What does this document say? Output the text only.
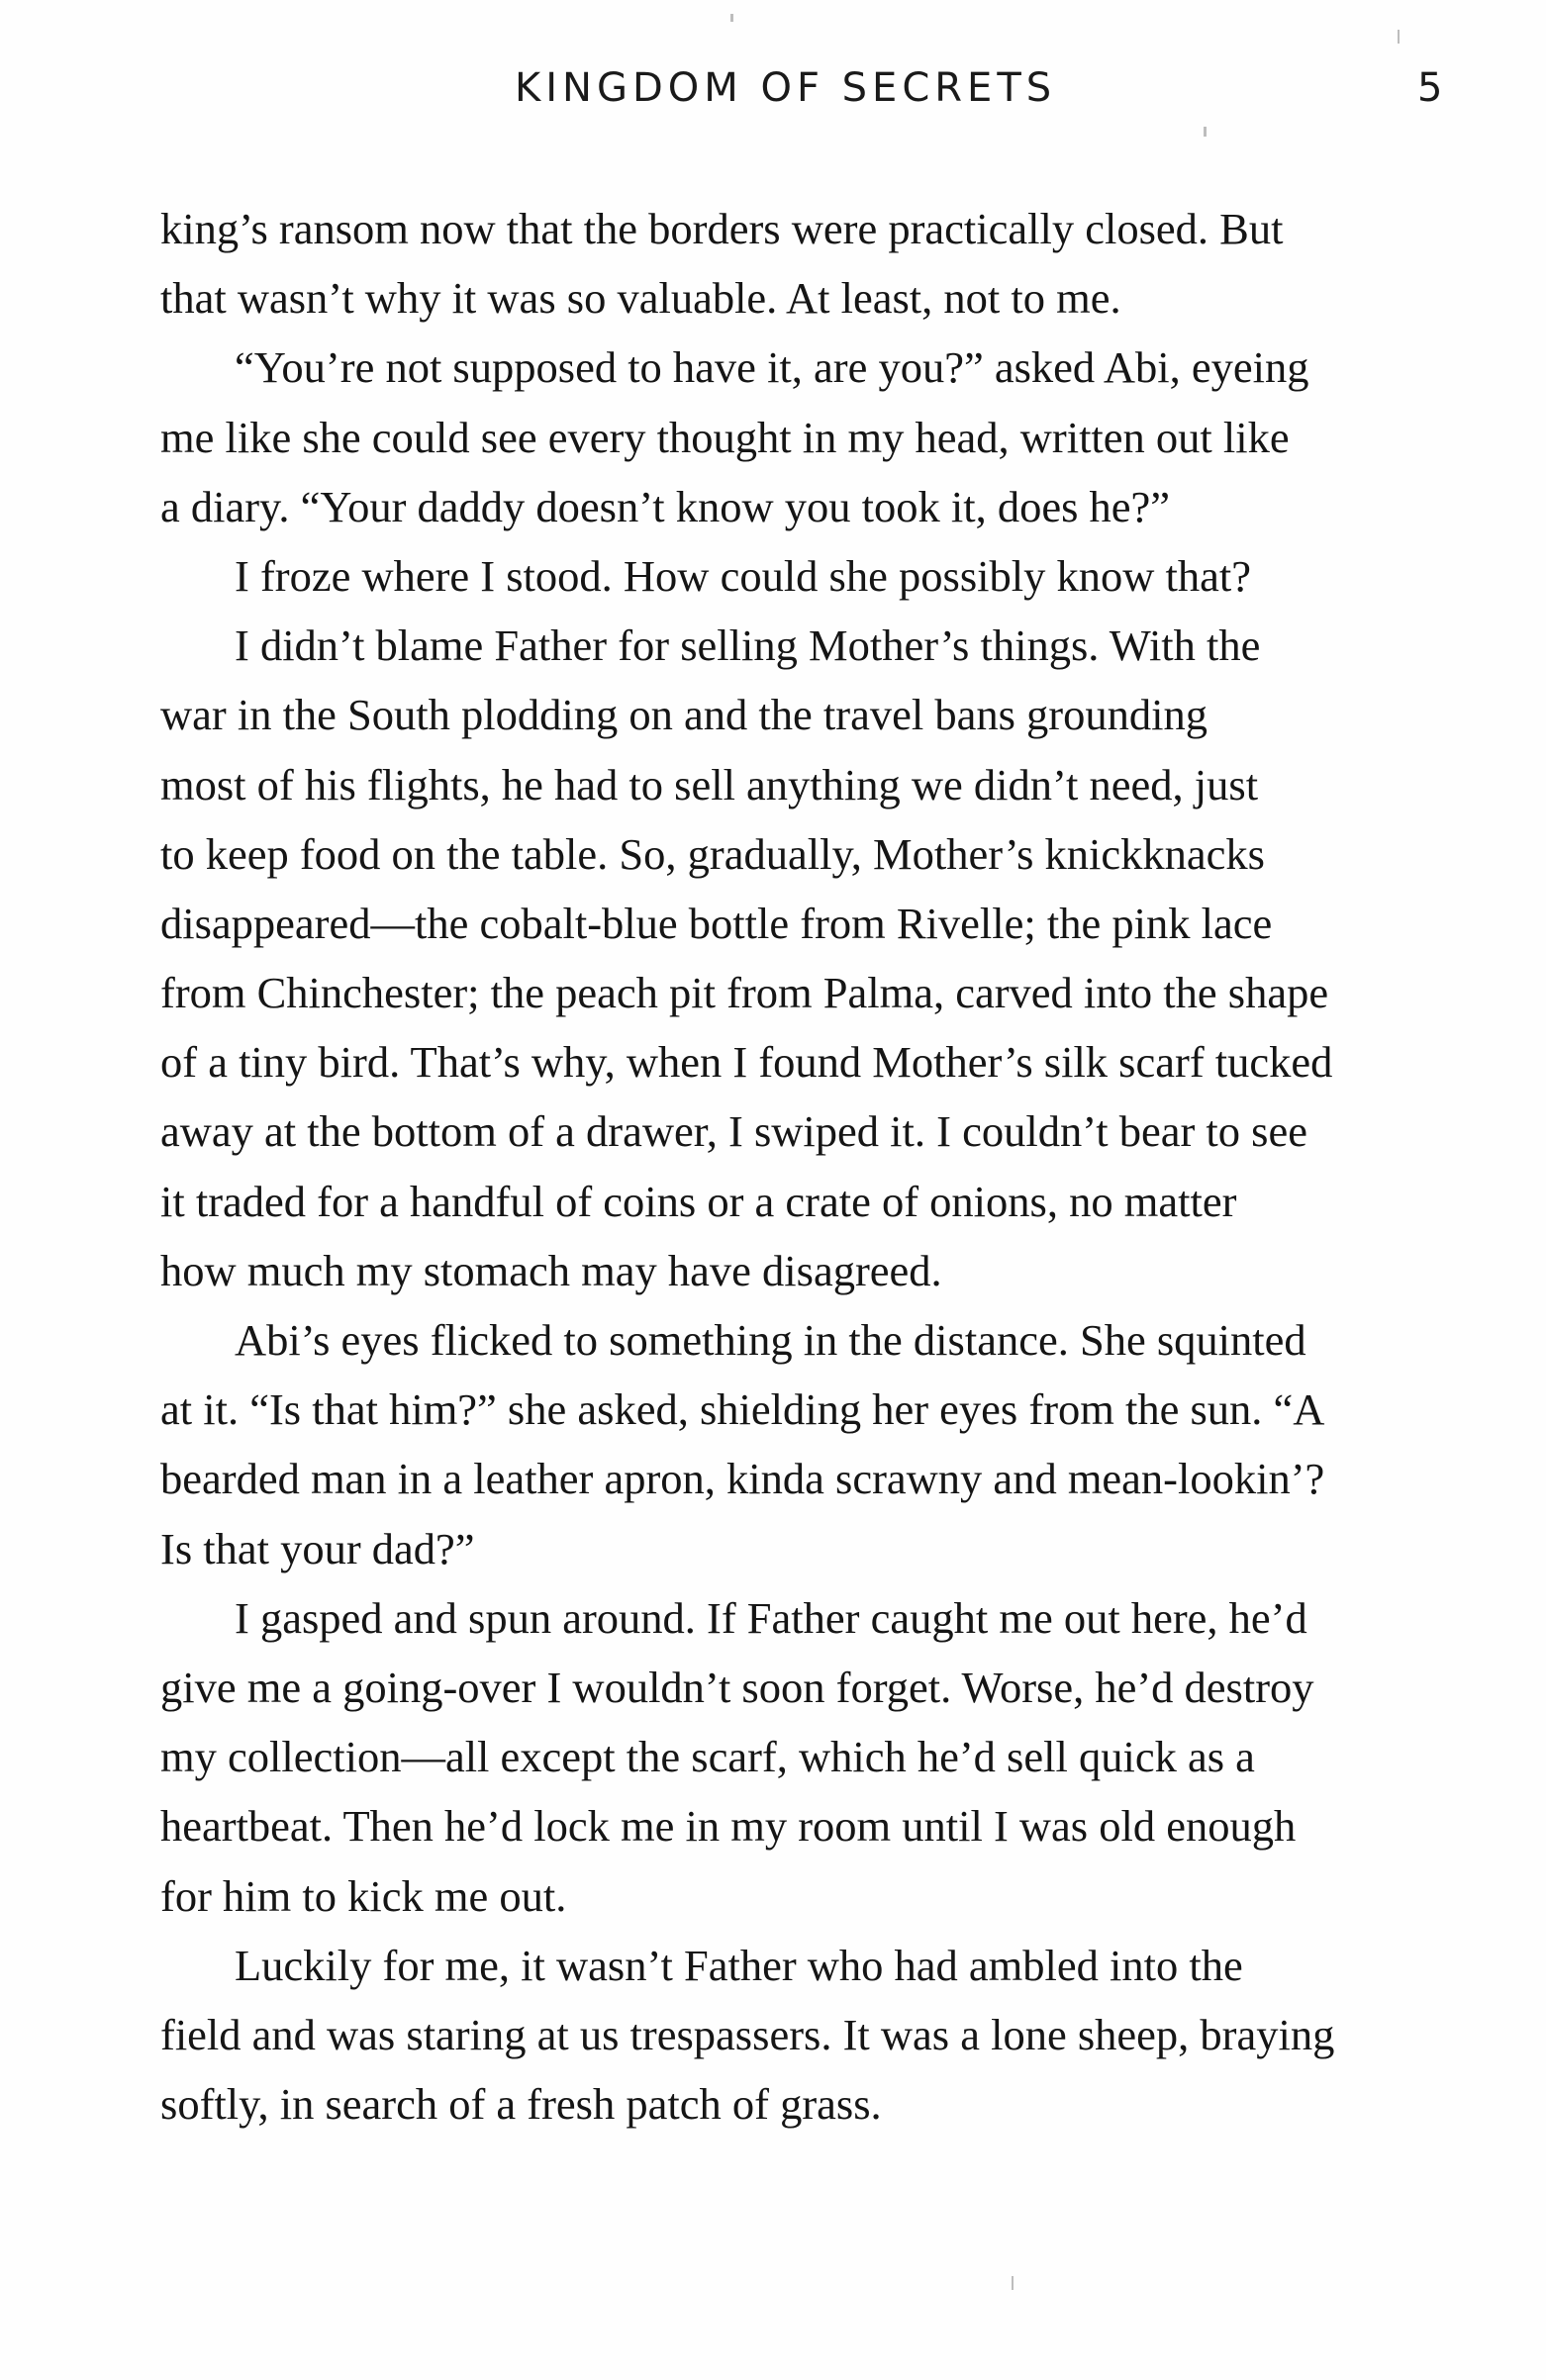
KINGDOM OF SECRETS	5
king’s ransom now that the borders were practically closed. But
that wasn’t why it was so valuable. At least, not to me.
“You’re not supposed to have it, are you?” asked Abi, eyeing
me like she could see every thought in my head, written out like
a diary. “Your daddy doesn’t know you took it, does he?”
I froze where I stood. How could she possibly know that?
I didn’t blame Father for selling Mother’s things. With the
war in the South plodding on and the travel bans grounding
most of his flights, he had to sell anything we didn’t need, just
to keep food on the table. So, gradually, Mother’s knickknacks
disappeared—the cobalt-blue bottle from Rivelle; the pink lace
from Chinchester; the peach pit from Palma, carved into the shape
of a tiny bird. That’s why, when I found Mother’s silk scarf tucked
away at the bottom of a drawer, I swiped it. I couldn’t bear to see
it traded for a handful of coins or a crate of onions, no matter
how much my stomach may have disagreed.
Abi’s eyes flicked to something in the distance. She squinted
at it. “Is that him?” she asked, shielding her eyes from the sun. “A
bearded man in a leather apron, kinda scrawny and mean-lookin’?
Is that your dad?”
I gasped and spun around. If Father caught me out here, he’d
give me a going-over I wouldn’t soon forget. Worse, he’d destroy
my collection—all except the scarf, which he’d sell quick as a
heartbeat. Then he’d lock me in my room until I was old enough
for him to kick me out.
Luckily for me, it wasn’t Father who had ambled into the
field and was staring at us trespassers. It was a lone sheep, braying
softly, in search of a fresh patch of grass.
